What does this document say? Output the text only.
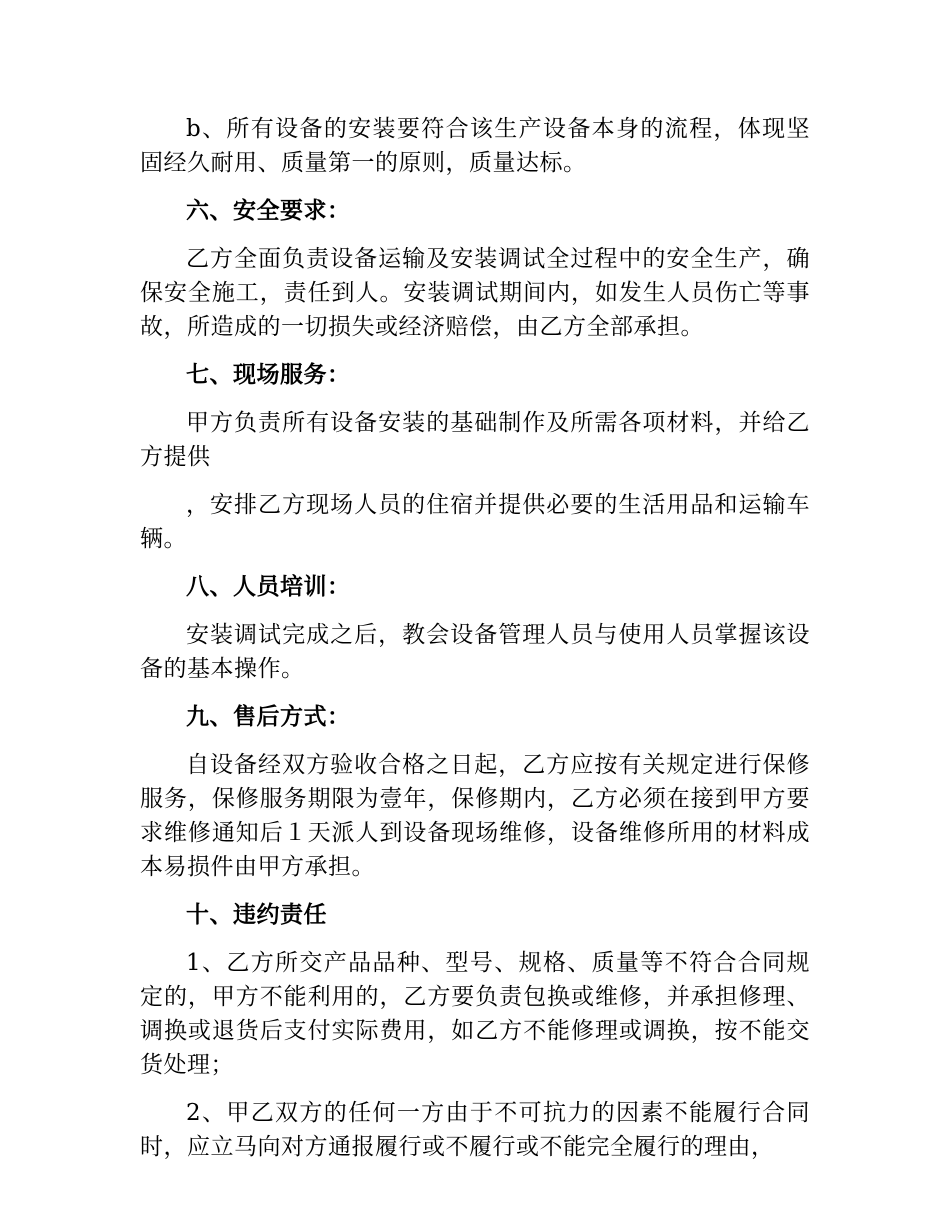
b、所有设备的安装要符合该生产设备本身的流程，体现坚固经久耐用、质量第一的原则，质量达标。

六、安全要求：

乙方全面负责设备运输及安装调试全过程中的安全生产，确保安全施工，责任到人。安装调试期间内，如发生人员伤亡等事故，所造成的一切损失或经济赔偿，由乙方全部承担。

七、现场服务：

甲方负责所有设备安装的基础制作及所需各项材料，并给乙方提供

，安排乙方现场人员的住宿并提供必要的生活用品和运输车辆。

八、人员培训：

安装调试完成之后，教会设备管理人员与使用人员掌握该设备的基本操作。

九、售后方式：

自设备经双方验收合格之日起，乙方应按有关规定进行保修服务，保修服务期限为壹年，保修期内，乙方必须在接到甲方要求维修通知后１天派人到设备现场维修，设备维修所用的材料成本易损件由甲方承担。

十、违约责任

1、乙方所交产品品种、型号、规格、质量等不符合合同规定的，甲方不能利用的，乙方要负责包换或维修，并承担修理、调换或退货后支付实际费用，如乙方不能修理或调换，按不能交货处理；

2、甲乙双方的任何一方由于不可抗力的因素不能履行合同时，应立马向对方通报履行或不履行或不能完全履行的理由，
